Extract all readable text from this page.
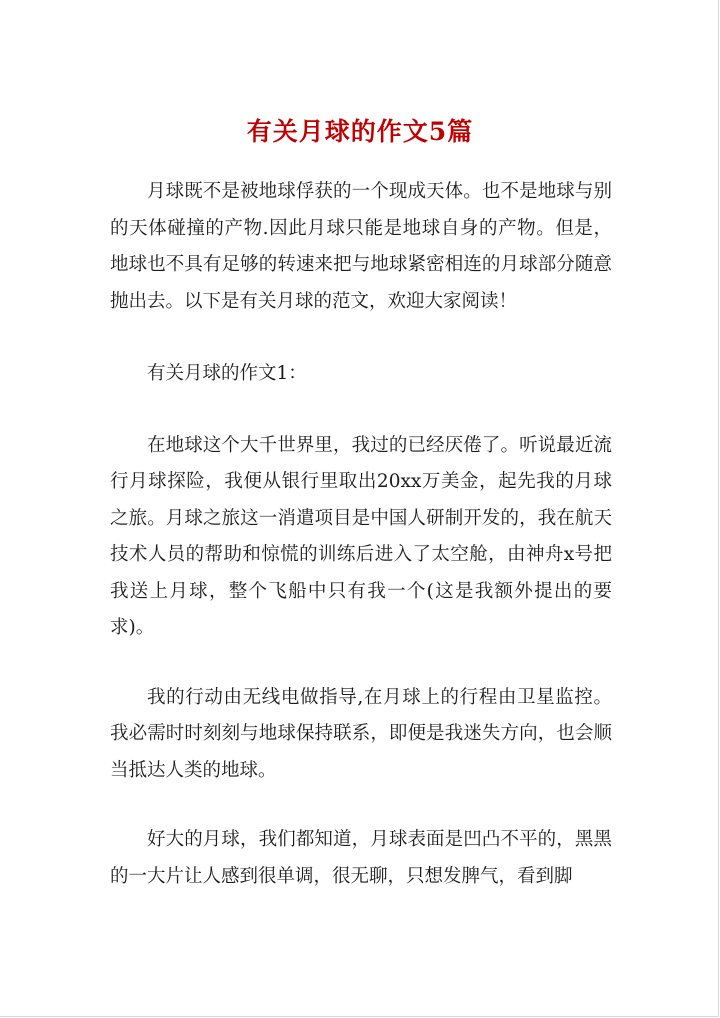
有关月球的作文5篇

月球既不是被地球俘获的一个现成天体。也不是地球与别的天体碰撞的产物.因此月球只能是地球自身的产物。但是，地球也不具有足够的转速来把与地球紧密相连的月球部分随意抛出去。以下是有关月球的范文，欢迎大家阅读！

有关月球的作文1：

在地球这个大千世界里，我过的已经厌倦了。听说最近流行月球探险，我便从银行里取出20xx万美金，起先我的月球之旅。月球之旅这一消遣项目是中国人研制开发的，我在航天技术人员的帮助和惊慌的训练后进入了太空舱，由神舟x号把我送上月球，整个飞船中只有我一个(这是我额外提出的要求)。

我的行动由无线电做指导,在月球上的行程由卫星监控。我必需时时刻刻与地球保持联系，即便是我迷失方向，也会顺当抵达人类的地球。

好大的月球，我们都知道，月球表面是凹凸不平的，黑黑的一大片让人感到很单调，很无聊，只想发脾气，看到脚
